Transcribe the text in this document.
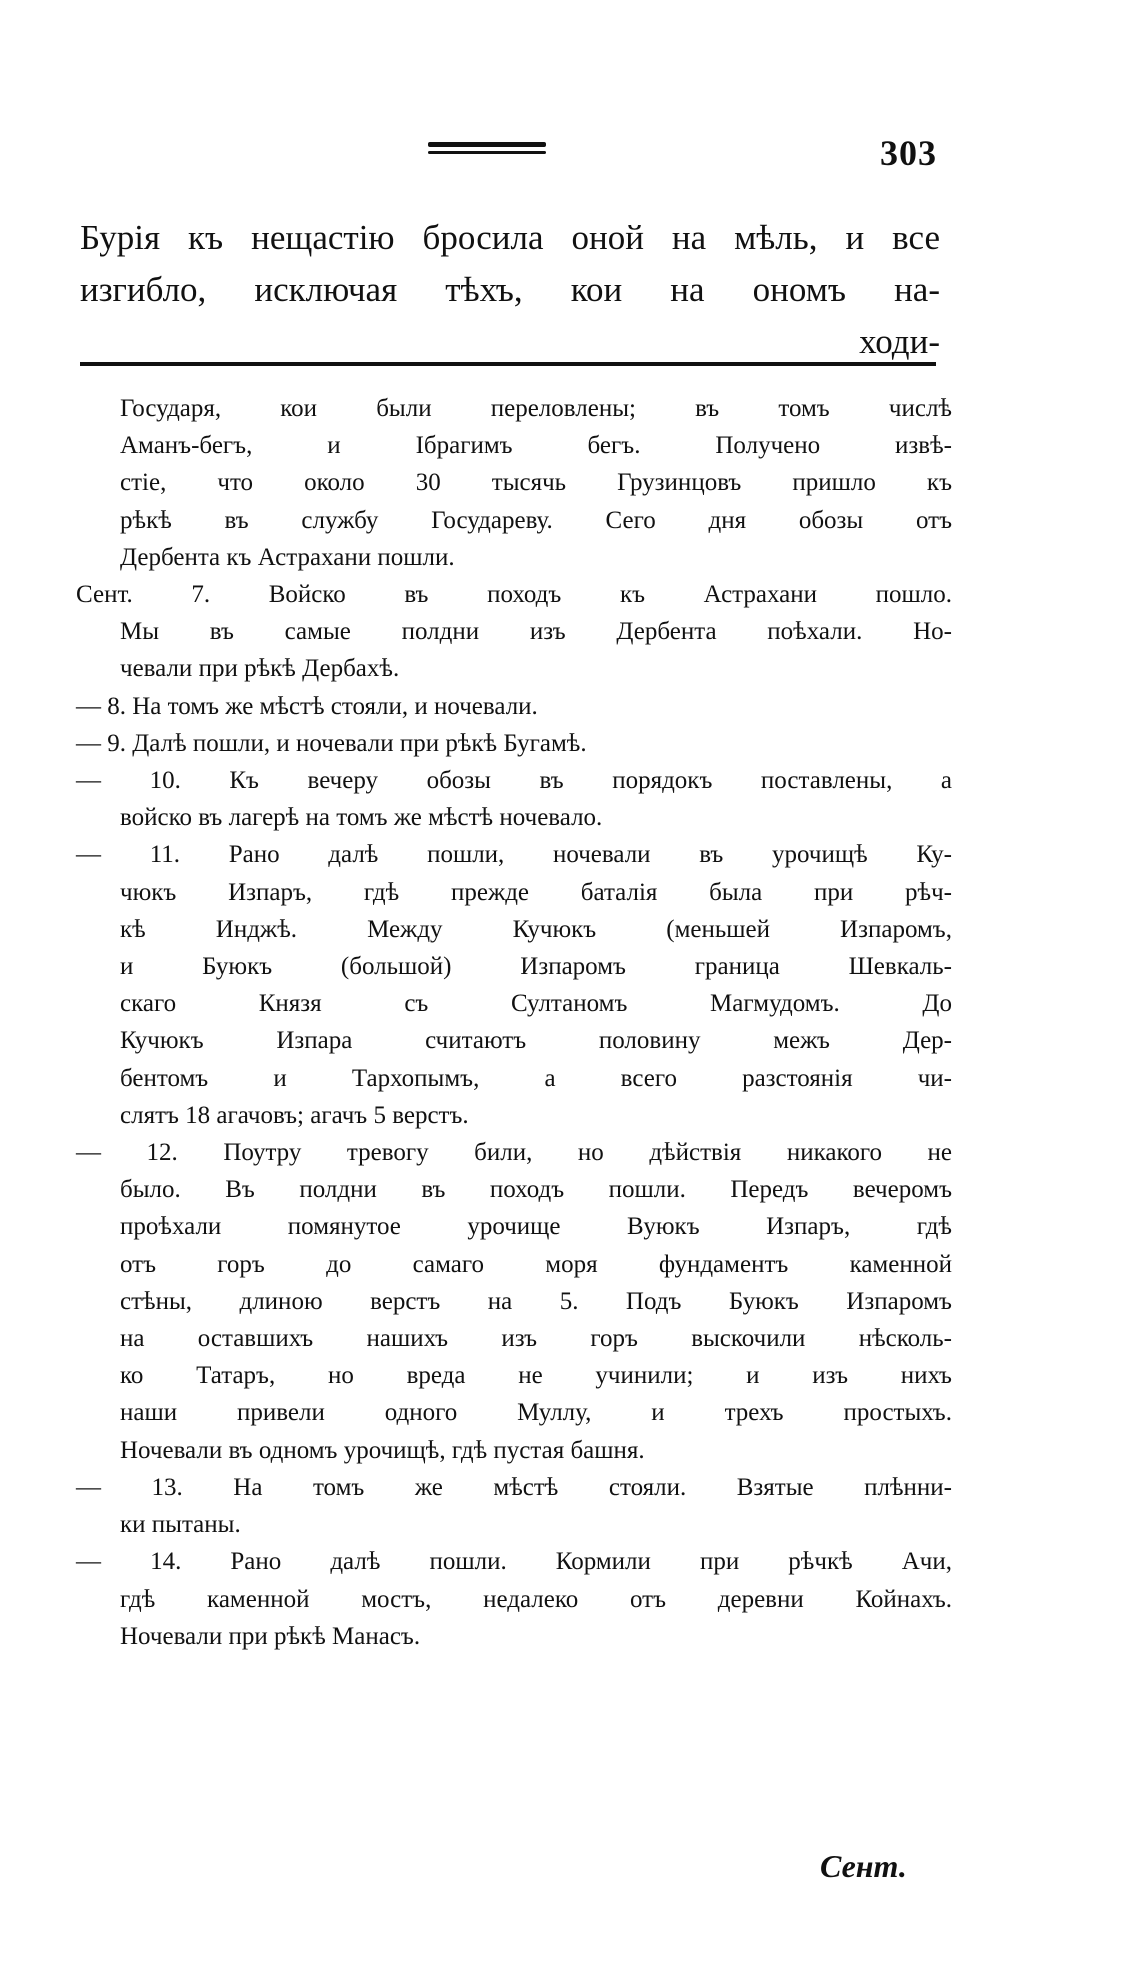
303
Бурія къ нещастію бросила оной на мѣль, и все
изгибло, исключая тѣхъ, кои на ономъ на-
ходи-
Государя, кои были переловлены; въ томъ числѣ
Аманъ-бегъ, и Ібрагимъ бегъ. Получено извѣ-
стіе, что около 30 тысячь Грузинцовъ пришло къ
рѣкѣ въ службу Государеву. Сего дня обозы отъ
Дербента къ Астрахани пошли.
Сент. 7. Войско въ походъ къ Астрахани пошло.
Мы въ самые полдни изъ Дербента поѣхали. Но-
чевали при рѣкѣ Дербахѣ.
— 8. На томъ же мѣстѣ стояли, и ночевали.
— 9. Далѣ пошли, и ночевали при рѣкѣ Бугамѣ.
— 10. Къ вечеру обозы въ порядокъ поставлены, а
войско въ лагерѣ на томъ же мѣстѣ ночевало.
— 11. Рано далѣ пошли, ночевали въ урочищѣ Ку-
чюкъ Изпаръ, гдѣ прежде баталія была при рѣч-
кѣ Инджѣ. Между Кучюкъ (меньшей Изпаромъ,
и Буюкъ (большой) Изпаромъ граница Шевкаль-
скаго Князя съ Султаномъ Магмудомъ. До
Кучюкъ Изпара считаютъ половину межъ Дер-
бентомъ и Тархопымъ, а всего разстоянія чи-
слятъ 18 агачовъ; агачъ 5 верстъ.
— 12. Поутру тревогу били, но дѣйствія никакого не
было. Въ полдни въ походъ пошли. Передъ вечеромъ
проѣхали помянутое урочище Вуюкъ Изпаръ, гдѣ
отъ горъ до самаго моря фундаментъ каменной
стѣны, длиною верстъ на 5. Подъ Буюкъ Изпаромъ
на оставшихъ нашихъ изъ горъ выскочили нѣсколь-
ко Татаръ, но вреда не учинили; и изъ нихъ
наши привели одного Муллу, и трехъ простыхъ.
Ночевали въ одномъ урочищѣ, гдѣ пустая башня.
— 13. На томъ же мѣстѣ стояли. Взятые плѣнни-
ки пытаны.
— 14. Рано далѣ пошли. Кормили при рѣчкѣ Ачи,
гдѣ каменной мостъ, недалеко отъ деревни Койнахъ.
Ночевали при рѣкѣ Манасъ.
Сент.
